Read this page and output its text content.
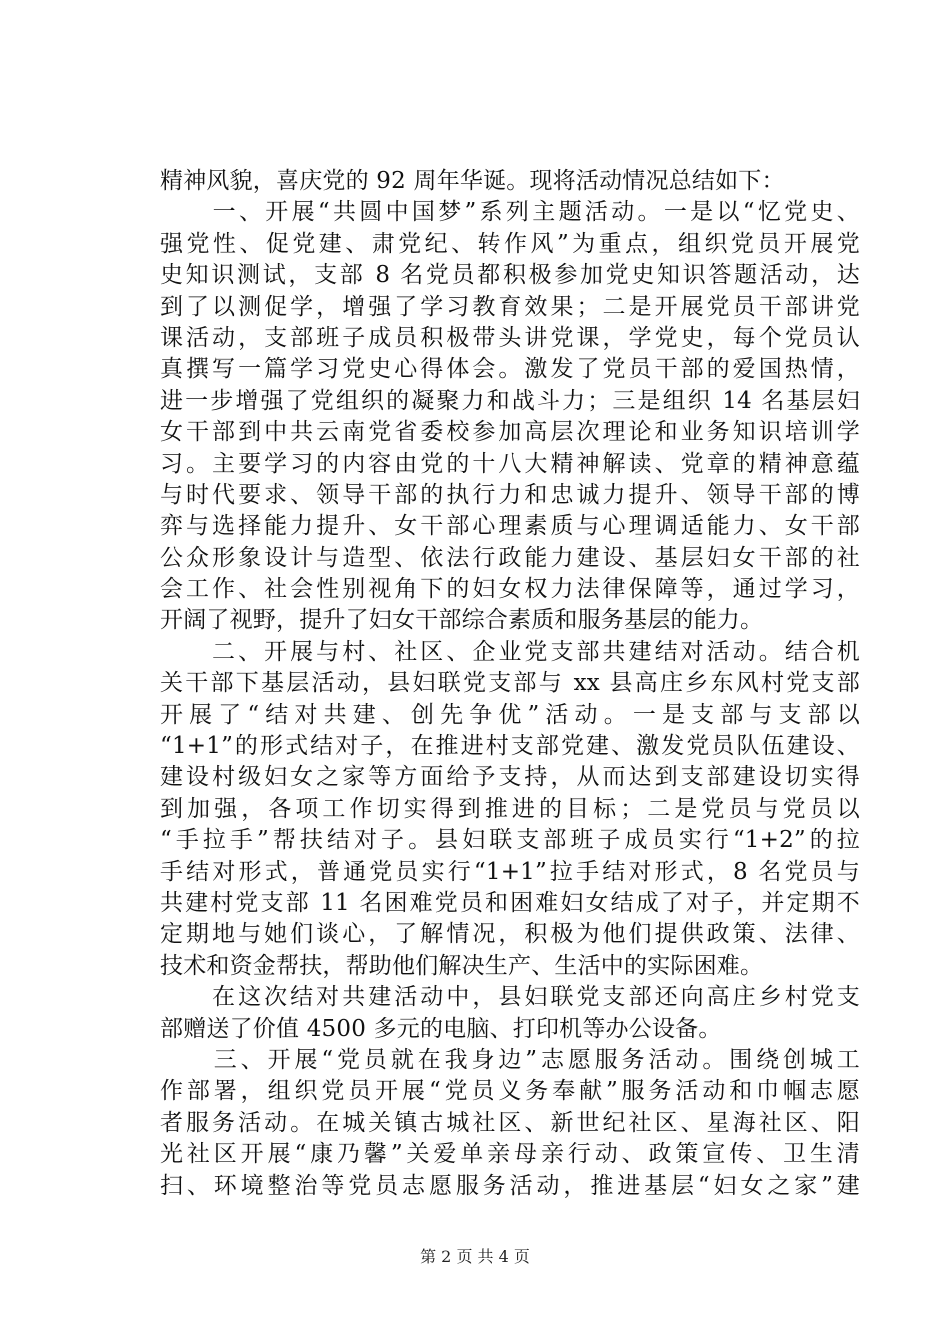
精神风貌，喜庆党的 92 周年华诞。现将活动情况总结如下：
　　一、开展“共圆中国梦”系列主题活动。一是以“忆党史、
强党性、促党建、肃党纪、转作风”为重点，组织党员开展党
史知识测试，支部 8 名党员都积极参加党史知识答题活动，达
到了以测促学，增强了学习教育效果；二是开展党员干部讲党
课活动，支部班子成员积极带头讲党课，学党史，每个党员认
真撰写一篇学习党史心得体会。激发了党员干部的爱国热情，
进一步增强了党组织的凝聚力和战斗力；三是组织 14 名基层妇
女干部到中共云南党省委校参加高层次理论和业务知识培训学
习。主要学习的内容由党的十八大精神解读、党章的精神意蕴
与时代要求、领导干部的执行力和忠诚力提升、领导干部的博
弈与选择能力提升、女干部心理素质与心理调适能力、女干部
公众形象设计与造型、依法行政能力建设、基层妇女干部的社
会工作、社会性别视角下的妇女权力法律保障等，通过学习，
开阔了视野，提升了妇女干部综合素质和服务基层的能力。
　　二、开展与村、社区、企业党支部共建结对活动。结合机
关干部下基层活动，县妇联党支部与 xx 县高庄乡东风村党支部
开展了“结对共建、创先争优”活动。一是支部与支部以
“1+1”的形式结对子，在推进村支部党建、激发党员队伍建设、
建设村级妇女之家等方面给予支持，从而达到支部建设切实得
到加强，各项工作切实得到推进的目标；二是党员与党员以
“手拉手”帮扶结对子。县妇联支部班子成员实行“1+2”的拉
手结对形式，普通党员实行“1+1”拉手结对形式，8 名党员与
共建村党支部 11 名困难党员和困难妇女结成了对子，并定期不
定期地与她们谈心，了解情况，积极为他们提供政策、法律、
技术和资金帮扶，帮助他们解决生产、生活中的实际困难。
　　在这次结对共建活动中，县妇联党支部还向高庄乡村党支
部赠送了价值 4500 多元的电脑、打印机等办公设备。
　　三、开展“党员就在我身边”志愿服务活动。围绕创城工
作部署，组织党员开展“党员义务奉献”服务活动和巾帼志愿
者服务活动。在城关镇古城社区、新世纪社区、星海社区、阳
光社区开展“康乃馨”关爱单亲母亲行动、政策宣传、卫生清
扫、环境整治等党员志愿服务活动，推进基层“妇女之家”建
第 2 页 共 4 页
